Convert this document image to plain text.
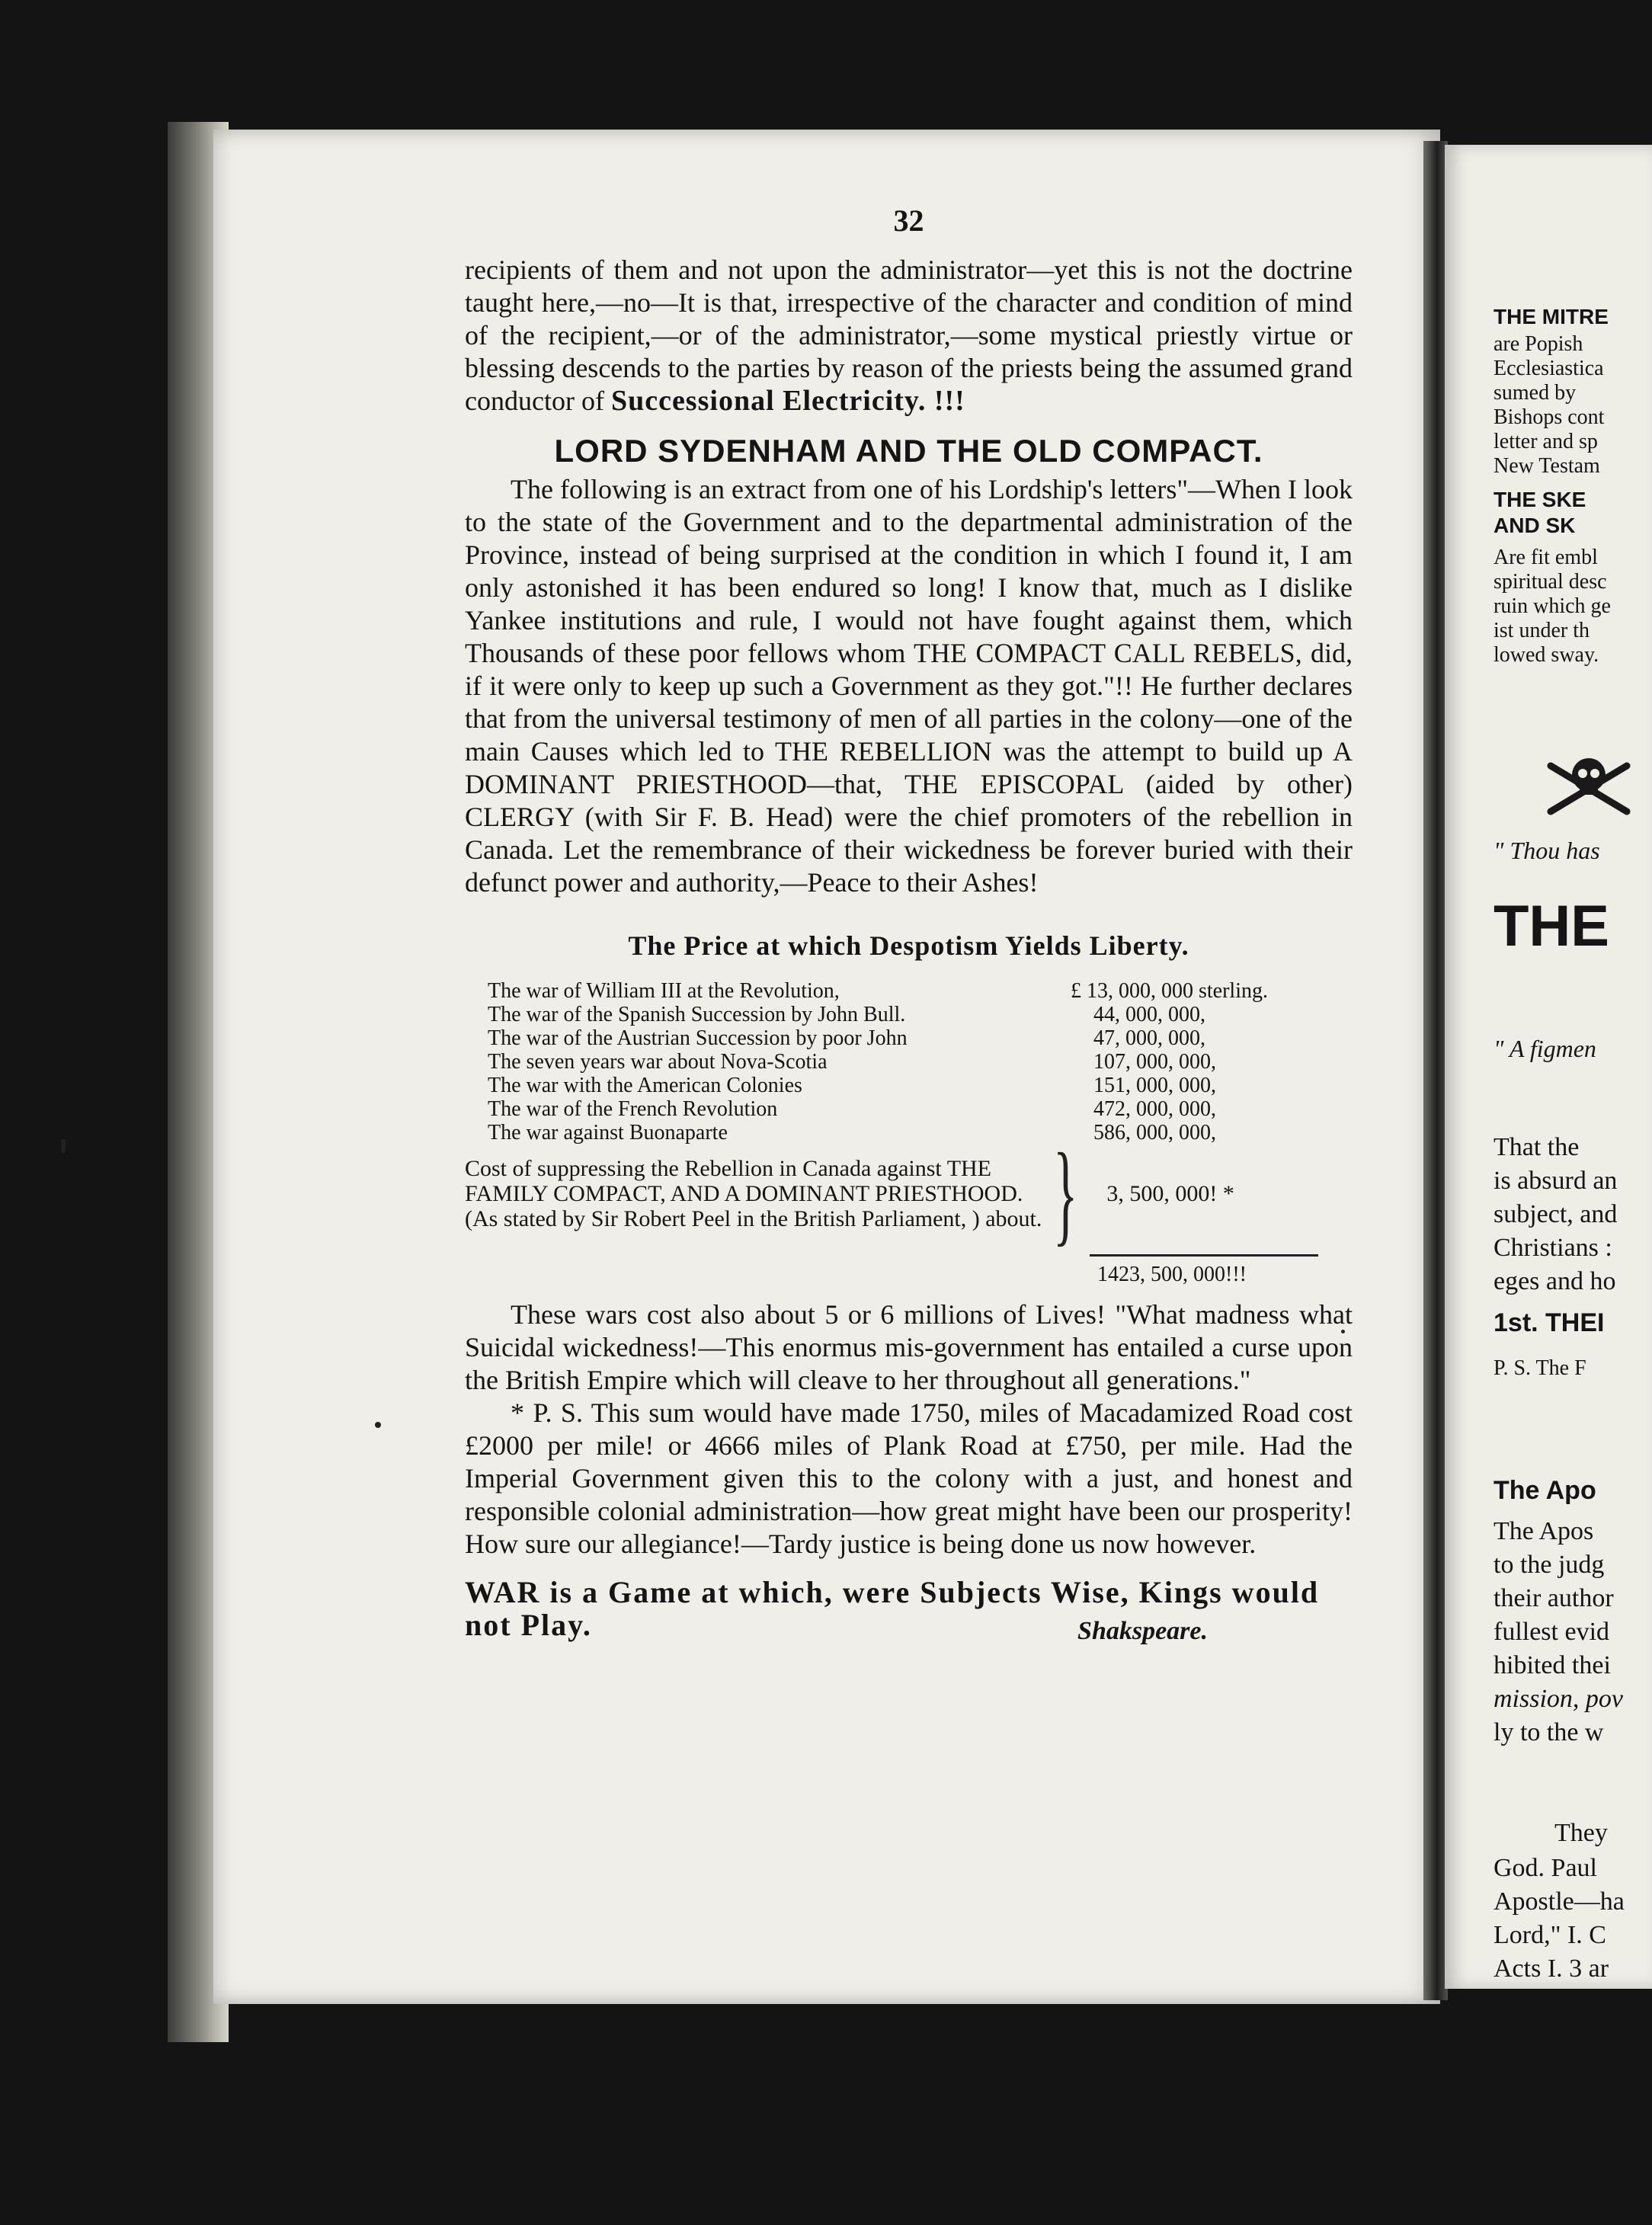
32

recipients of them and not upon the administrator—yet this is not the doctrine taught here,—no—It is that, irrespective of the character and condition of mind of the recipient,—or of the administrator,—some mystical priestly virtue or blessing descends to the parties by reason of the priests being the assumed grand conductor of Successional Electricity. !!!

LORD SYDENHAM AND THE OLD COMPACT.

The following is an extract from one of his Lordship's letters"—When I look to the state of the Government and to the departmental administration of the Province, instead of being surprised at the condition in which I found it, I am only astonished it has been endured so long! I know that, much as I dislike Yankee institutions and rule, I would not have fought against them, which Thousands of these poor fellows whom THE COMPACT CALL REBELS, did, if it were only to keep up such a Government as they got."!! He further declares that from the universal testimony of men of all parties in the colony—one of the main Causes which led to THE REBELLION was the attempt to build up A DOMINANT PRIESTHOOD—that, THE EPISCOPAL (aided by other) CLERGY (with Sir F. B. Head) were the chief promoters of the rebellion in Canada. Let the remembrance of their wickedness be forever buried with their defunct power and authority,—Peace to their Ashes!

The Price at which Despotism Yields Liberty.
The war of William III at the Revolution,	£ 13, 000, 000 sterling.
The war of the Spanish Succession by John Bull.	44, 000, 000,
The war of the Austrian Succession by poor John	47, 000, 000,
The seven years war about Nova-Scotia	107, 000, 000,
The war with the American Colonies	151, 000, 000,
The war of the French Revolution	472, 000, 000,
The war against Buonaparte	586, 000, 000,
Cost of suppressing the Rebellion in Canada against THE FAMILY COMPACT, AND A DOMINANT PRIESTHOOD. (As stated by Sir Robert Peel in the British Parliament, ) about. }	3, 500, 000! *
1423, 500, 000!!!

These wars cost also about 5 or 6 millions of Lives! "What madness what Suicidal wickedness!—This enormus mis-government has entailed a curse upon the British Empire which will cleave to her throughout all generations."

* P. S. This sum would have made 1750, miles of Macadamized Road cost £2000 per mile! or 4666 miles of Plank Road at £750, per mile. Had the Imperial Government given this to the colony with a just, and honest and responsible colonial administration—how great might have been our prosperity! How sure our allegiance!—Tardy justice is being done us now however.

WAR is a Game at which, were Subjects Wise, Kings would not Play.	Shakspeare.
THE MITRE
are Popish
Ecclesiastica
sumed by
Bishops cont
letter and sp
New Testam
THE SKE
AND SK
Are fit embl
spiritual desc
ruin which ge
ist under th
lowed sway.
" Thou has
THE
" A figmen
That the
is absurd an
subject, and
Christians :
eges and ho
1st. THEI
P. S. The F
The Apo
The Apos
to the judg
their author
fullest evid
hibited thei
mission, pov
ly to the w
They
God. Paul
Apostle—ha
Lord," I. C
Acts I. 3 ar
